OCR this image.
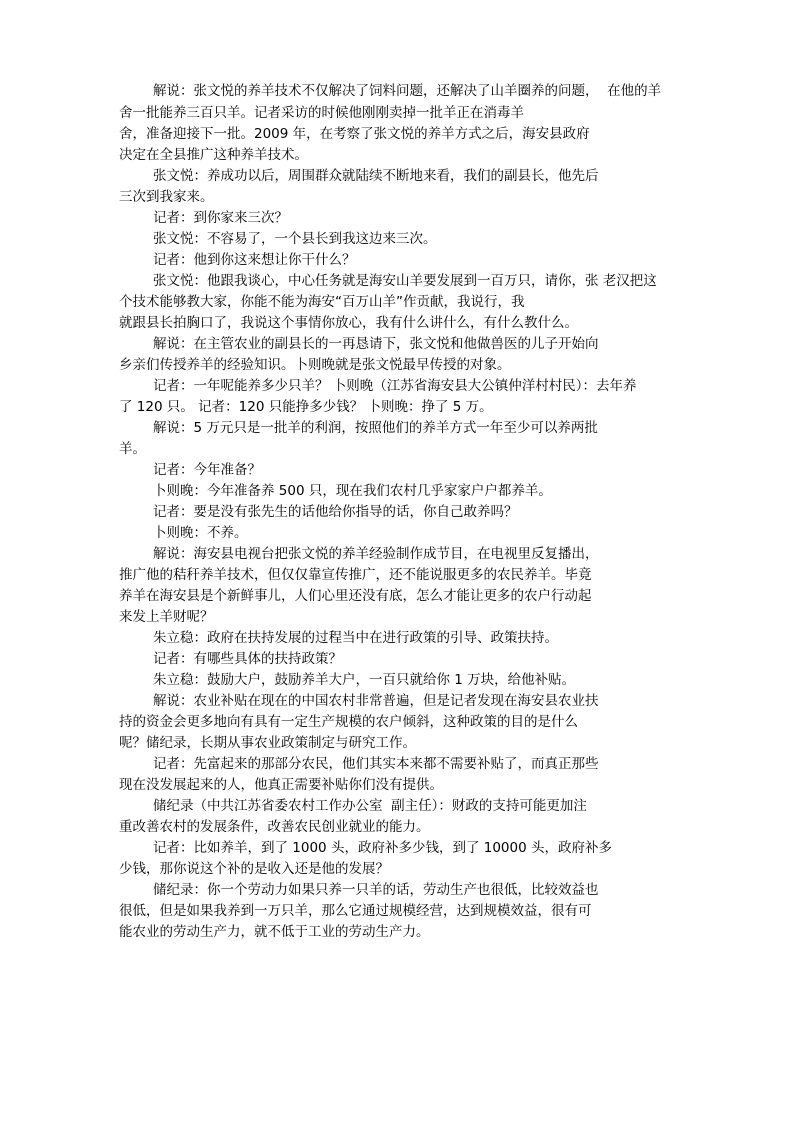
解说：张文悦的养羊技术不仅解决了饲料问题，还解决了山羊圈养的问题，  在他的羊
舍一批能养三百只羊。记者采访的时候他刚刚卖掉一批羊正在消毒羊
舍，准备迎接下一批。2009 年，在考察了张文悦的养羊方式之后，海安县政府
决定在全县推广这种养羊技术。
张文悦：养成功以后，周围群众就陆续不断地来看，我们的副县长，他先后
三次到我家来。
记者：到你家来三次？
张文悦：不容易了，一个县长到我这边来三次。
记者：他到你这来想让你干什么？
张文悦：他跟我谈心，中心任务就是海安山羊要发展到一百万只，请你，张 老汉把这
个技术能够教大家，你能不能为海安“百万山羊”作贡献，我说行，我
就跟县长拍胸口了，我说这个事情你放心，我有什么讲什么，有什么教什么。
解说：在主管农业的副县长的一再恳请下，张文悦和他做兽医的儿子开始向
乡亲们传授养羊的经验知识。卜则晚就是张文悦最早传授的对象。
记者：一年呢能养多少只羊？ 卜则晚（江苏省海安县大公镇仲洋村村民）：去年养
了 120 只。 记者：120 只能挣多少钱？ 卜则晚：挣了 5 万。
解说：5 万元只是一批羊的利润，按照他们的养羊方式一年至少可以养两批
羊。
记者：今年准备？
卜则晚：今年准备养 500 只，现在我们农村几乎家家户户都养羊。
记者：要是没有张先生的话他给你指导的话，你自己敢养吗？
卜则晚：不养。
解说：海安县电视台把张文悦的养羊经验制作成节目，在电视里反复播出，
推广他的秸秆养羊技术，但仅仅靠宣传推广，还不能说服更多的农民养羊。毕竟
养羊在海安县是个新鲜事儿，人们心里还没有底，怎么才能让更多的农户行动起
来发上羊财呢？
朱立稳：政府在扶持发展的过程当中在进行政策的引导、政策扶持。
记者：有哪些具体的扶持政策？
朱立稳：鼓励大户，鼓励养羊大户，一百只就给你 1 万块，给他补贴。
解说：农业补贴在现在的中国农村非常普遍，但是记者发现在海安县农业扶
持的资金会更多地向有具有一定生产规模的农户倾斜，这种政策的目的是什么
呢？储纪录，长期从事农业政策制定与研究工作。
记者：先富起来的那部分农民，他们其实本来都不需要补贴了，而真正那些
现在没发展起来的人，他真正需要补贴你们没有提供。
储纪录（中共江苏省委农村工作办公室  副主任）：财政的支持可能更加注
重改善农村的发展条件，改善农民创业就业的能力。
记者：比如养羊，到了 1000 头，政府补多少钱，到了 10000 头，政府补多
少钱，那你说这个补的是收入还是他的发展？
储纪录：你一个劳动力如果只养一只羊的话，劳动生产也很低，比较效益也
很低，但是如果我养到一万只羊，那么它通过规模经营，达到规模效益，很有可
能农业的劳动生产力，就不低于工业的劳动生产力。
